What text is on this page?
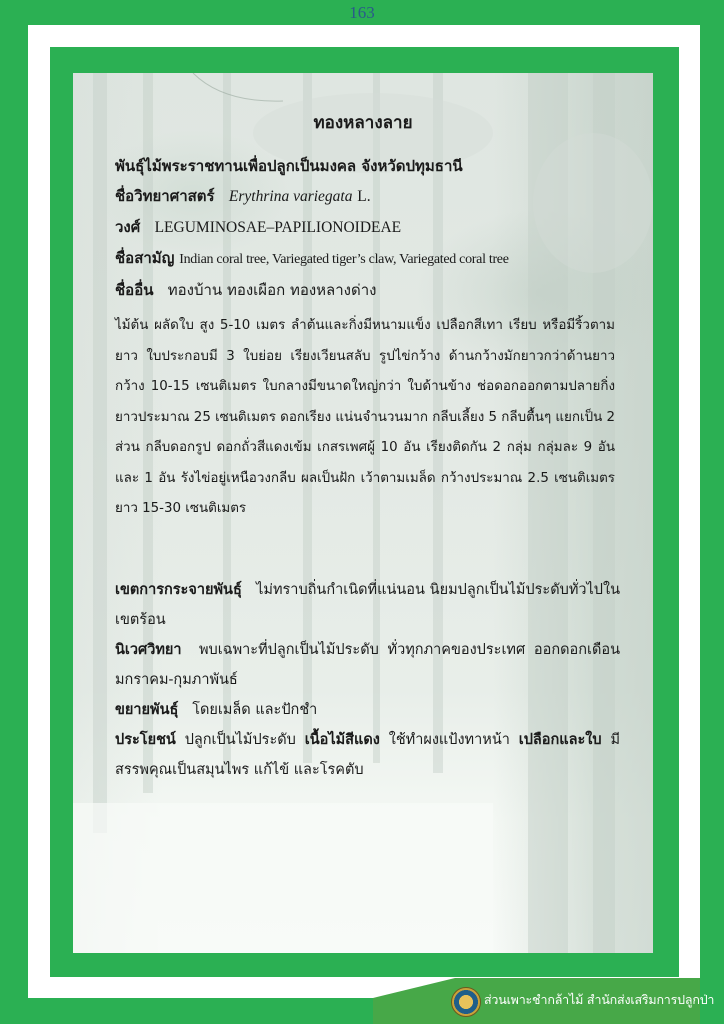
163
ทองหลางลาย
พันธุ์ไม้พระราชทานเพื่อปลูกเป็นมงคล จังหวัดปทุมธานี
ชื่อวิทยาศาสตร์ Erythrina variegata L.
วงศ์ LEGUMINOSAE–PAPILIONOIDEAE
ชื่อสามัญ Indian coral tree, Variegated tiger’s claw, Variegated coral tree
ชื่ออื่น ทองบ้าน ทองเผือก ทองหลางด่าง
ไม้ต้น ผลัดใบ สูง 5-10 เมตร ลำต้นและกิ่งมีหนามแข็ง เปลือกสีเทา เรียบ หรือมีริ้วตามยาว ใบประกอบมี 3 ใบย่อย เรียงเวียนสลับ รูปไข่กว้าง ด้านกว้างมักยาวกว่าด้านยาว กว้าง 10-15 เซนติเมตร ใบกลางมีขนาดใหญ่กว่า ใบด้านข้าง ช่อดอกออกตามปลายกิ่ง ยาวประมาณ 25 เซนติเมตร ดอกเรียง แน่นจำนวนมาก กลีบเลี้ยง 5 กลีบตื้นๆ แยกเป็น 2 ส่วน กลีบดอกรูป ดอกถั่วสีแดงเข้ม เกสรเพศผู้ 10 อัน เรียงติดกัน 2 กลุ่ม กลุ่มละ 9 อัน และ 1 อัน รังไข่อยู่เหนือวงกลีบ ผลเป็นฝัก เว้าตามเมล็ด กว้างประมาณ 2.5 เซนติเมตร ยาว 15-30 เซนติเมตร

เขตการกระจายพันธุ์ ไม่ทราบถิ่นกำเนิดที่แน่นอน นิยมปลูกเป็นไม้ประดับทั่วไปในเขตร้อน

นิเวศวิทยา พบเฉพาะที่ปลูกเป็นไม้ประดับ ทั่วทุกภาคของประเทศ ออกดอกเดือน มกราคม-กุมภาพันธ์

ขยายพันธุ์ โดยเมล็ด และปักชำ

ประโยชน์ ปลูกเป็นไม้ประดับ เนื้อไม้สีแดง ใช้ทำผงแป้งทาหน้า เปลือกและใบ มีสรรพคุณเป็นสมุนไพร แก้ไข้ และโรคตับ

ส่วนเพาะชำกล้าไม้ สำนักส่งเสริมการปลูกป่า
